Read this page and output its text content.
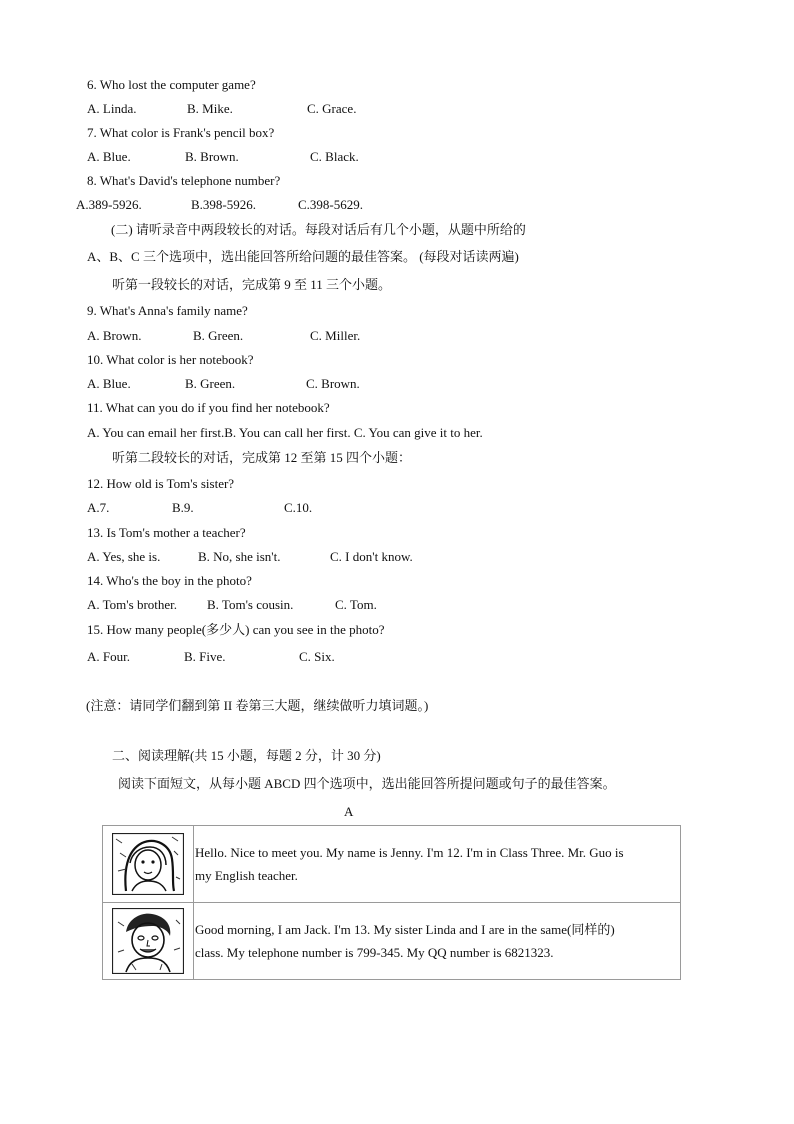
6. Who lost the computer game?
A. Linda.	B. Mike.	C. Grace.
7. What color is Frank's pencil box?
A. Blue.	B. Brown.	C. Black.
8. What's David's telephone number?
A.389-5926.	B.398-5926.	C.398-5629.
(二) 请听录音中两段较长的对话。每段对话后有几个小题，从题中所给的
A、B、C 三个选项中，选出能回答所给问题的最佳答案。 (每段对话读两遍)
听第一段较长的对话，完成第 9 至 11 三个小题。
9. What's Anna's family name?
A. Brown.	B. Green.	C. Miller.
10. What color is her notebook?
A. Blue.	B. Green.	C. Brown.
11. What can you do if you find her notebook?
A. You can email her first.B. You can call her first. C. You can give it to her.
听第二段较长的对话，完成第 12 至第 15 四个小题：
12. How old is Tom's sister?
A.7.	B.9.	C.10.
13. Is Tom's mother a teacher?
A. Yes, she is.	B. No, she isn't.	C. I don't know.
14. Who's the boy in the photo?
A. Tom's brother. B. Tom's cousin.	C. Tom.
15. How many people(多少人) can you see in the photo?
A. Four.	B. Five.	C. Six.
(注意：请同学们翻到第 II 卷第三大题，继续做听力填词题。)
二、阅读理解(共 15 小题，每题 2 分，计 30 分)
阅读下面短文，从每小题 ABCD 四个选项中，选出能回答所提问题或句子的最佳答案。
A

Hello. Nice to meet you. My name is Jenny. I'm 12. I'm in Class Three. Mr. Guo is
my English teacher.

Good morning, I am Jack. I'm 13. My sister Linda and I are in the same(同样的)
class. My telephone number is 799-345. My QQ number is 6821323.
